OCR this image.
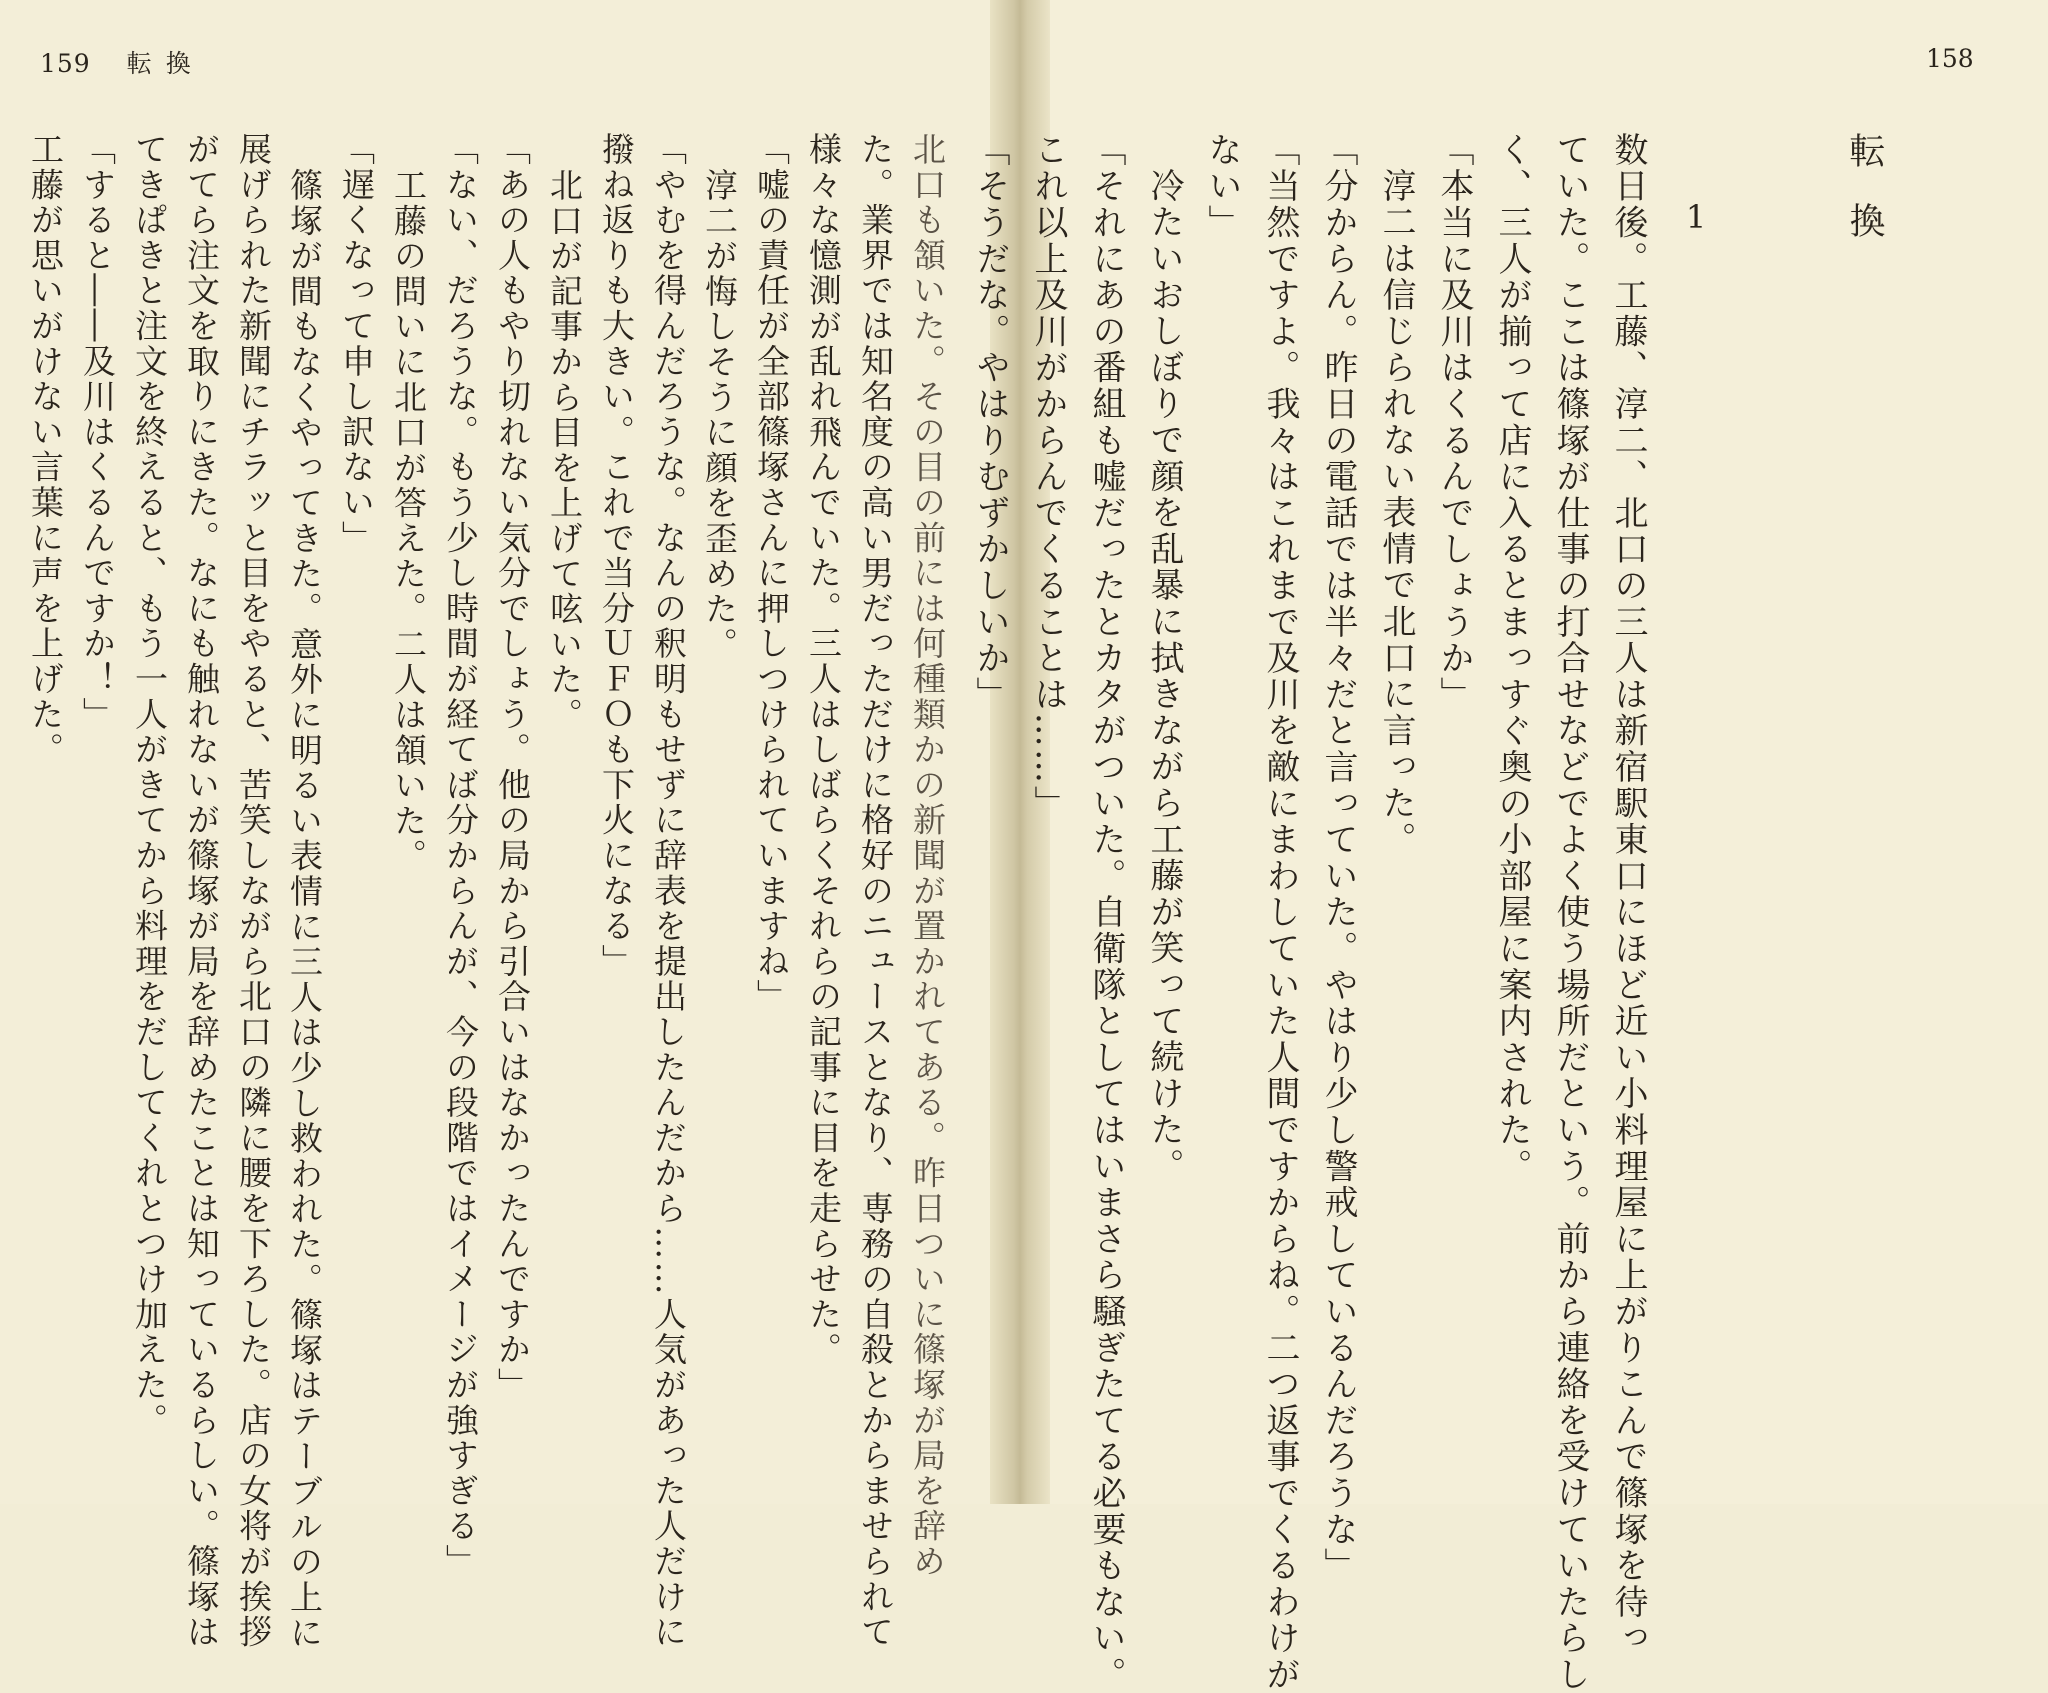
159 転換	158
転換
1
数日後。工藤、淳二、北口の三人は新宿駅東口にほど近い小料理屋に上がりこんで篠塚を待っ
ていた。ここは篠塚が仕事の打合せなどでよく使う場所だという。前から連絡を受けていたらし
く、三人が揃って店に入るとまっすぐ奥の小部屋に案内された。
「本当に及川はくるんでしょうか」
淳二は信じられない表情で北口に言った。
「分からん。昨日の電話では半々だと言っていた。やはり少し警戒しているんだろうな」
「当然ですよ。我々はこれまで及川を敵にまわしていた人間ですからね。二つ返事でくるわけが
ない」
冷たいおしぼりで顔を乱暴に拭きながら工藤が笑って続けた。
「それにあの番組も嘘だったとカタがついた。自衛隊としてはいまさら騒ぎたてる必要もない。
これ以上及川がからんでくることは……」
「そうだな。やはりむずかしいか」
北口も頷いた。その目の前には何種類かの新聞が置かれてある。昨日ついに篠塚が局を辞め
た。業界では知名度の高い男だっただけに格好のニュースとなり、専務の自殺とからませられて
様々な憶測が乱れ飛んでいた。三人はしばらくそれらの記事に目を走らせた。
「嘘の責任が全部篠塚さんに押しつけられていますね」
淳二が悔しそうに顔を歪めた。
「やむを得んだろうな。なんの釈明もせずに辞表を提出したんだから……人気があった人だけに
撥ね返りも大きい。これで当分ＵＦＯも下火になる」
北口が記事から目を上げて呟いた。
「あの人もやり切れない気分でしょう。他の局から引合いはなかったんですか」
「ない、だろうな。もう少し時間が経てば分からんが、今の段階ではイメージが強すぎる」
工藤の問いに北口が答えた。二人は頷いた。
「遅くなって申し訳ない」
篠塚が間もなくやってきた。意外に明るい表情に三人は少し救われた。篠塚はテーブルの上に
展げられた新聞にチラッと目をやると、苦笑しながら北口の隣に腰を下ろした。店の女将が挨拶
がてら注文を取りにきた。なにも触れないが篠塚が局を辞めたことは知っているらしい。篠塚は
てきぱきと注文を終えると、もう一人がきてから料理をだしてくれとつけ加えた。
「すると――及川はくるんですか！」
工藤が思いがけない言葉に声を上げた。
